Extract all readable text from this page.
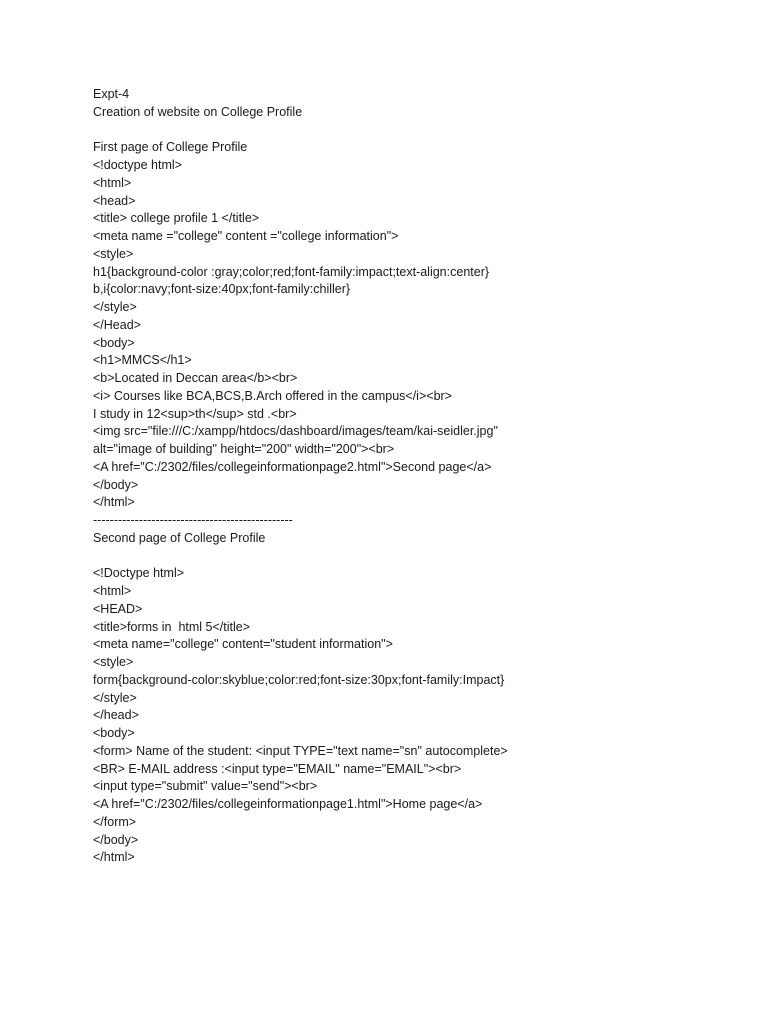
Expt-4
Creation of website on College Profile
First page of College Profile
<!doctype html>
<html>
<head>
<title> college profile 1 </title>
<meta name ="college" content ="college information">
<style>
h1{background-color :gray;color;red;font-family:impact;text-align:center}
b,i{color:navy;font-size:40px;font-family:chiller}
</style>
</Head>
<body>
<h1>MMCS</h1>
<b>Located in Deccan area</b><br>
<i> Courses like BCA,BCS,B.Arch offered in the campus</i><br>
I study in 12<sup>th</sup> std .<br>
<img src="file:///C:/xampp/htdocs/dashboard/images/team/kai-seidler.jpg"
alt="image of building" height="200" width="200"><br>
<A href="C:/2302/files/collegeinformationpage2.html">Second page</a>
</body>
</html>
------------------------------------------------
Second page of College Profile
<!Doctype html>
<html>
<HEAD>
<title>forms in  html 5</title>
<meta name="college" content="student information">
<style>
form{background-color:skyblue;color:red;font-size:30px;font-family:Impact}
</style>
</head>
<body>
<form> Name of the student: <input TYPE="text name="sn" autocomplete>
<BR> E-MAIL address :<input type="EMAIL" name="EMAIL"><br>
<input type="submit" value="send"><br>
<A href="C:/2302/files/collegeinformationpage1.html">Home page</a>
</form>
</body>
</html>
